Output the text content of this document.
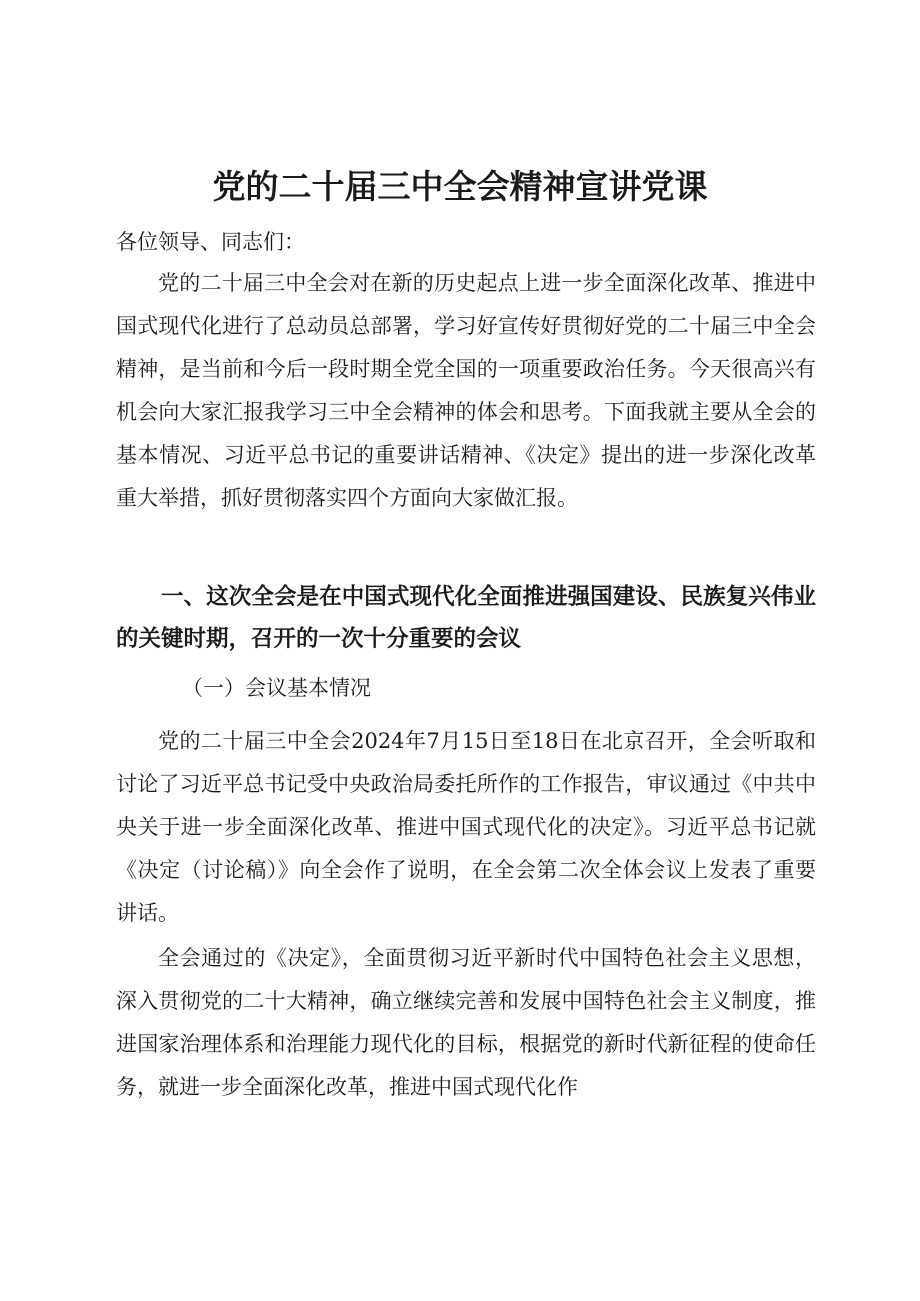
党的二十届三中全会精神宣讲党课
各位领导、同志们：
党的二十届三中全会对在新的历史起点上进一步全面深化改革、推进中国式现代化进行了总动员总部署，学习好宣传好贯彻好党的二十届三中全会精神，是当前和今后一段时期全党全国的一项重要政治任务。今天很高兴有机会向大家汇报我学习三中全会精神的体会和思考。下面我就主要从全会的基本情况、习近平总书记的重要讲话精神、《决定》提出的进一步深化改革重大举措，抓好贯彻落实四个方面向大家做汇报。
一、这次全会是在中国式现代化全面推进强国建设、民族复兴伟业的关键时期，召开的一次十分重要的会议
（一）会议基本情况
党的二十届三中全会2024年7月15日至18日在北京召开，全会听取和讨论了习近平总书记受中央政治局委托所作的工作报告，审议通过《中共中央关于进一步全面深化改革、推进中国式现代化的决定》。习近平总书记就《决定（讨论稿）》向全会作了说明，在全会第二次全体会议上发表了重要讲话。
全会通过的《决定》，全面贯彻习近平新时代中国特色社会主义思想，深入贯彻党的二十大精神，确立继续完善和发展中国特色社会主义制度，推进国家治理体系和治理能力现代化的目标，根据党的新时代新征程的使命任务，就进一步全面深化改革，推进中国式现代化作
